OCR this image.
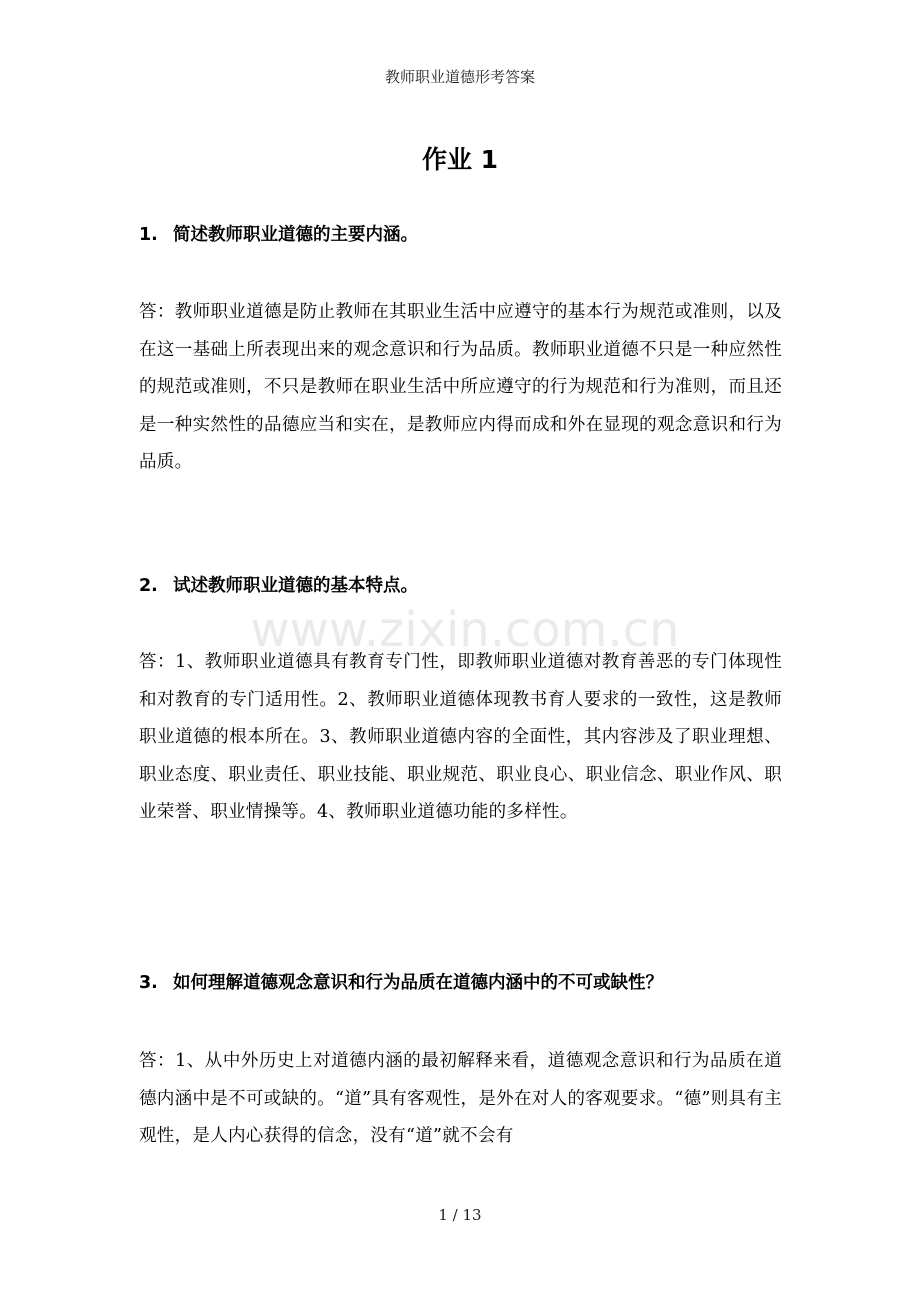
教师职业道德形考答案
作业 1
www.zixin.com.cn
1. 简述教师职业道德的主要内涵。

答：教师职业道德是防止教师在其职业生活中应遵守的基本行为规范或准则，以及在这一基础上所表现出来的观念意识和行为品质。教师职业道德不只是一种应然性的规范或准则，不只是教师在职业生活中所应遵守的行为规范和行为准则，而且还是一种实然性的品德应当和实在，是教师应内得而成和外在显现的观念意识和行为品质。

2. 试述教师职业道德的基本特点。

答：1、教师职业道德具有教育专门性，即教师职业道德对教育善恶的专门体现性和对教育的专门适用性。2、教师职业道德体现教书育人要求的一致性，这是教师职业道德的根本所在。3、教师职业道德内容的全面性，其内容涉及了职业理想、职业态度、职业责任、职业技能、职业规范、职业良心、职业信念、职业作风、职业荣誉、职业情操等。4、教师职业道德功能的多样性。

3. 如何理解道德观念意识和行为品质在道德内涵中的不可或缺性？

答：1、从中外历史上对道德内涵的最初解释来看，道德观念意识和行为品质在道德内涵中是不可或缺的。“道”具有客观性，是外在对人的客观要求。“德”则具有主观性，是人内心获得的信念，没有“道”就不会有

1 / 13
